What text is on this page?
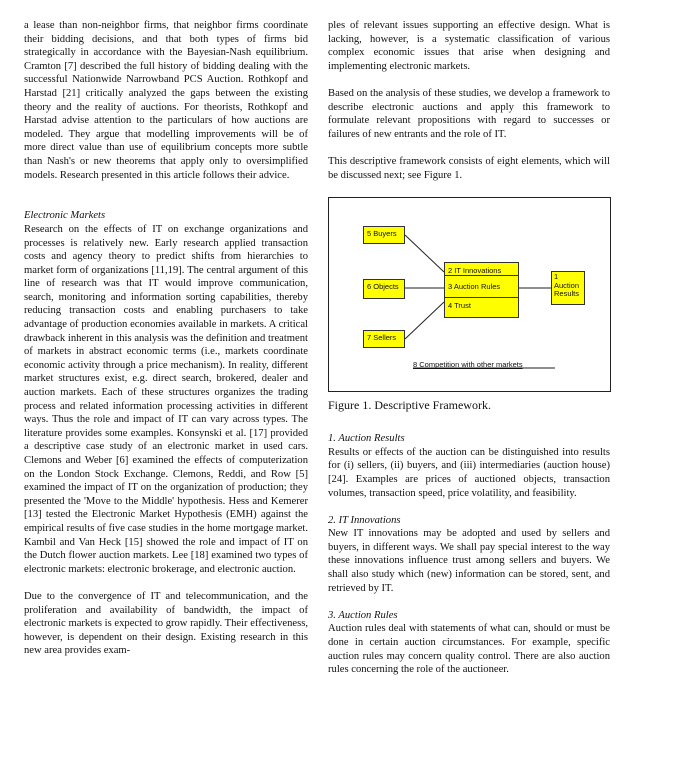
a lease than non-neighbor firms, that neighbor firms coordinate their bidding decisions, and that both types of firms bid strategically in accordance with the Bayesian-Nash equilibrium. Cramton [7] described the full history of bidding dealing with the successful Nationwide Narrowband PCS Auction. Rothkopf and Harstad [21] critically analyzed the gaps between the existing theory and the reality of auctions. For theorists, Rothkopf and Harstad advise attention to the particulars of how auctions are modeled. They argue that modelling improvements will be of more direct value than use of equilibrium concepts more subtle than Nash's or new theorems that apply only to oversimplified models. Research presented in this article follows their advice.

Electronic Markets

Research on the effects of IT on exchange organizations and processes is relatively new. Early research applied transaction costs and agency theory to predict shifts from hierarchies to market form of organizations [11,19]. The central argument of this line of research was that IT would improve communication, search, monitoring and information sorting capabilities, thereby reducing transaction costs and enabling purchasers to take advantage of production economies available in markets. A critical drawback inherent in this analysis was the definition and treatment of markets in abstract economic terms (i.e., markets coordinate economic activity through a price mechanism). In reality, different market structures exist, e.g. direct search, brokered, dealer and auction markets. Each of these structures organizes the trading process and related information processing activities in different ways. Thus the role and impact of IT can vary across types. The literature provides some examples. Konsynski et al. [17] provided a descriptive case study of an electronic market in used cars. Clemons and Weber [6] examined the effects of computerization on the London Stock Exchange. Clemons, Reddi, and Row [5] examined the impact of IT on the organization of production; they presented the 'Move to the Middle' hypothesis. Hess and Kemerer [13] tested the Electronic Market Hypothesis (EMH) against the empirical results of five case studies in the home mortgage market. Kambil and Van Heck [15] showed the role and impact of IT on the Dutch flower auction markets. Lee [18] examined two types of electronic markets: electronic brokerage, and electronic auction.

Due to the convergence of IT and telecommunication, and the proliferation and availability of bandwidth, the impact of electronic markets is expected to grow rapidly. Their effectiveness, however, is dependent on their design. Existing research in this new area provides exam-

ples of relevant issues supporting an effective design. What is lacking, however, is a systematic classification of various complex economic issues that arise when designing and implementing electronic markets.

Based on the analysis of these studies, we develop a framework to describe electronic auctions and apply this framework to formulate relevant propositions with regard to successes or failures of new entrants and the role of IT.

This descriptive framework consists of eight elements, which will be discussed next; see Figure 1.

5 Buyers
6 Objects
7 Sellers
2 IT Innovations
3 Auction Rules
4 Trust
1
Auction
Results
8 Competition with other markets
Figure 1. Descriptive Framework.

1. Auction Results

Results or effects of the auction can be distinguished into results for (i) sellers, (ii) buyers, and (iii) intermediaries (auction house) [24]. Examples are prices of auctioned objects, transaction volumes, transaction speed, price volatility, and feasibility.

2. IT Innovations

New IT innovations may be adopted and used by sellers and buyers, in different ways. We shall pay special interest to the way these innovations influence trust among sellers and buyers. We shall also study which (new) information can be stored, sent, and retrieved by IT.

3. Auction Rules

Auction rules deal with statements of what can, should or must be done in certain auction circumstances. For example, specific auction rules may concern quality control. There are also auction rules concerning the role of the auctioneer.
